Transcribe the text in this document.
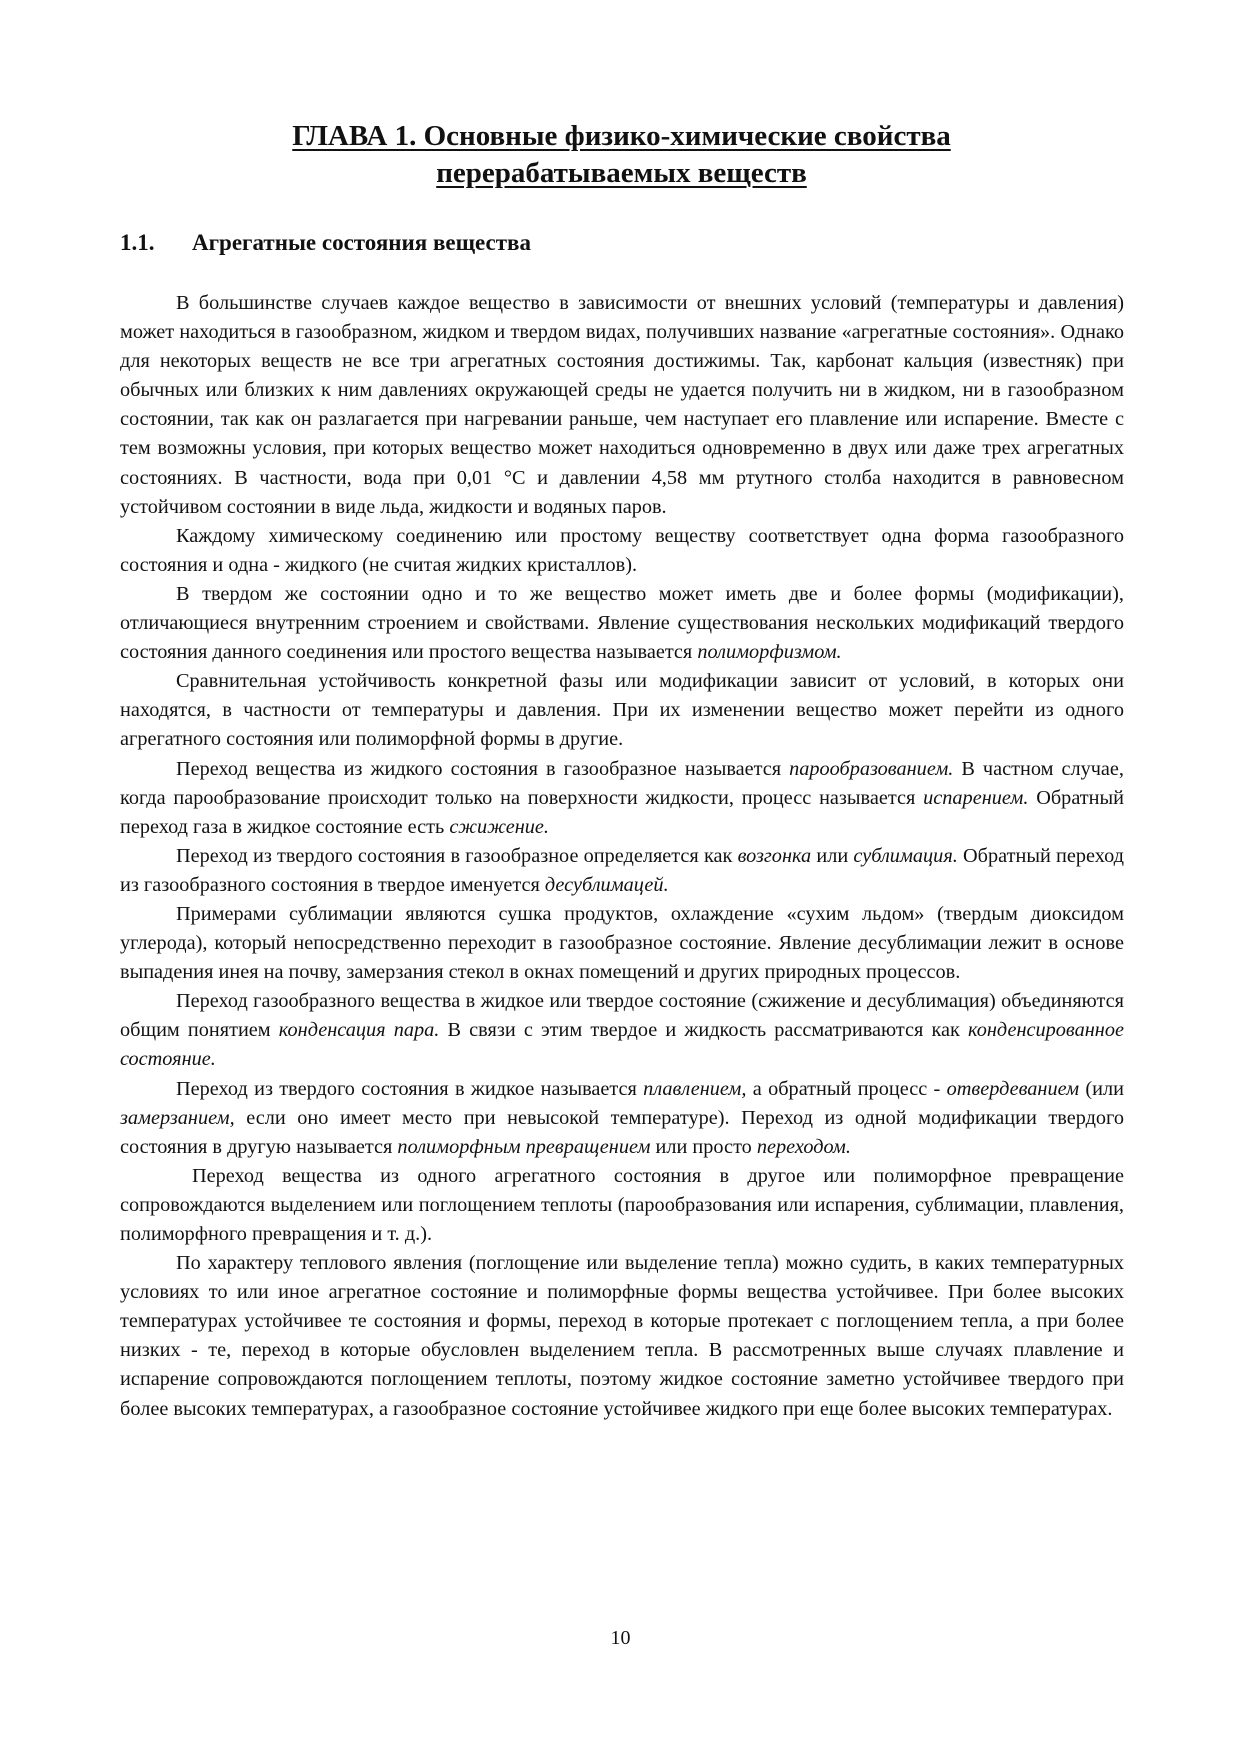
ГЛАВА 1. Основные физико-химические свойства
перерабатываемых веществ
1.1. Агрегатные состояния вещества

В большинстве случаев каждое вещество в зависимости от внешних условий (температуры и давления) может находиться в газообразном, жидком и твердом видах, получивших название «агрегатные состояния». Однако для некоторых веществ не все три агрегатных состояния достижимы. Так, карбонат кальция (известняк) при обычных или близких к ним давлениях окружающей среды не удается получить ни в жидком, ни в газообразном состоянии, так как он разлагается при нагревании раньше, чем наступает его плавление или испарение. Вместе с тем возможны условия, при которых вещество может находиться одновременно в двух или даже трех агрегатных состояниях. В частности, вода при 0,01 °С и давлении 4,58 мм ртутного столба находится в равновесном устойчивом состоянии в виде льда, жидкости и водяных паров.

Каждому химическому соединению или простому веществу соответствует одна форма газообразного состояния и одна - жидкого (не считая жидких кристаллов).

В твердом же состоянии одно и то же вещество может иметь две и более формы (модификации), отличающиеся внутренним строением и свойствами. Явление существования нескольких модификаций твердого состояния данного соединения или простого вещества называется полиморфизмом.

Сравнительная устойчивость конкретной фазы или модификации зависит от условий, в которых они находятся, в частности от температуры и давления. При их изменении вещество может перейти из одного агрегатного состояния или полиморфной формы в другие.

Переход вещества из жидкого состояния в газообразное называется парообразованием. В частном случае, когда парообразование происходит только на поверхности жидкости, процесс называется испарением. Обратный переход газа в жидкое состояние есть сжижение.

Переход из твердого состояния в газообразное определяется как возгонка или сублимация. Обратный переход из газообразного состояния в твердое именуется десублимацей.

Примерами сублимации являются сушка продуктов, охлаждение «сухим льдом» (твердым диоксидом углерода), который непосредственно переходит в газообразное состояние. Явление десублимации лежит в основе выпадения инея на почву, замерзания стекол в окнах помещений и других природных процессов.

Переход газообразного вещества в жидкое или твердое состояние (сжижение и десублимация) объединяются общим понятием конденсация пара. В связи с этим твердое и жидкость рассматриваются как конденсированное состояние.

Переход из твердого состояния в жидкое называется плавлением, а обратный процесс - отвердеванием (или замерзанием, если оно имеет место при невысокой температуре). Переход из одной модификации твердого состояния в другую называется полиморфным превращением или просто переходом.

Переход вещества из одного агрегатного состояния в другое или полиморфное превращение сопровождаются выделением или поглощением теплоты (парообразования или испарения, сублимации, плавления, полиморфного превращения и т. д.).

По характеру теплового явления (поглощение или выделение тепла) можно судить, в каких температурных условиях то или иное агрегатное состояние и полиморфные формы вещества устойчивее. При более высоких температурах устойчивее те состояния и формы, переход в которые протекает с поглощением тепла, а при более низких - те, переход в которые обусловлен выделением тепла. В рассмотренных выше случаях плавление и испарение сопровождаются поглощением теплоты, поэтому жидкое состояние заметно устойчивее твердого при более высоких температурах, а газообразное состояние устойчивее жидкого при еще более высоких температурах.

10
